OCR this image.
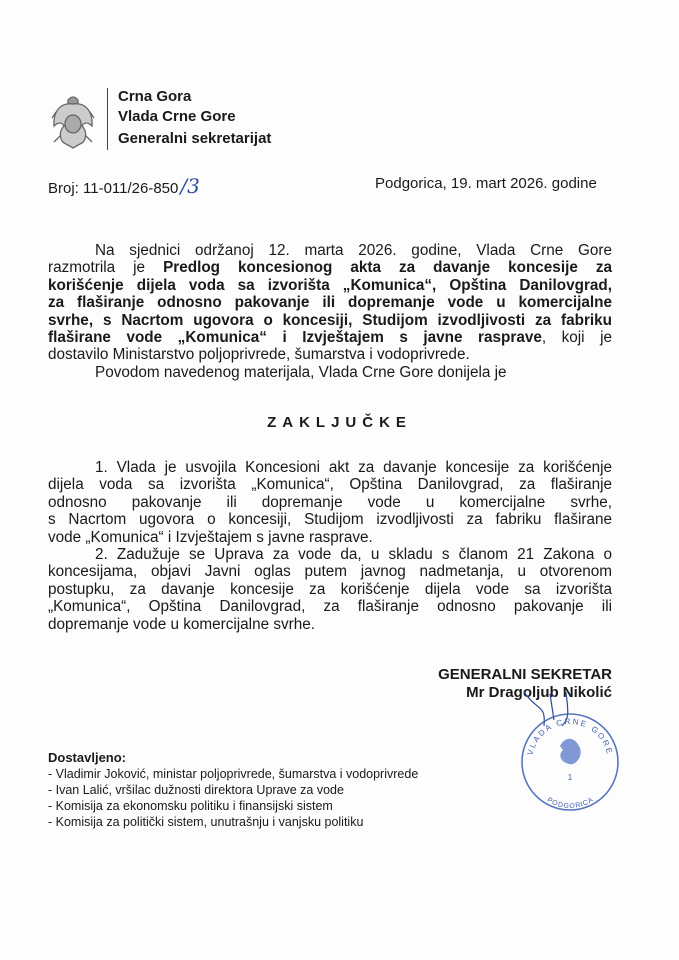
Crna Gora
Vlada Crne Gore
Generalni sekretarijat
Broj: 11-011/26-850 /3	Podgorica, 19. mart 2026. godine
Na sjednici održanoj 12. marta 2026. godine, Vlada Crne Gore
razmotrila je Predlog koncesionog akta za davanje koncesije za
korišćenje dijela voda sa izvorišta „Komunica“, Opština Danilovgrad,
za flaširanje odnosno pakovanje ili dopremanje vode u komercijalne
svrhe, s Nacrtom ugovora o koncesiji, Studijom izvodljivosti za fabriku
flaširane vode „Komunica“ i Izvještajem s javne rasprave, koji je
dostavilo Ministarstvo poljoprivrede, šumarstva i vodoprivrede.
Povodom navedenog materijala, Vlada Crne Gore donijela je
ZAKLJUČKE
1. Vlada je usvojila Koncesioni akt za davanje koncesije za korišćenje
dijela voda sa izvorišta „Komunica“, Opština Danilovgrad, za flaširanje
odnosno pakovanje ili dopremanje vode u komercijalne svrhe,
s Nacrtom ugovora o koncesiji, Studijom izvodljivosti za fabriku flaširane
vode „Komunica“ i Izvještajem s javne rasprave.
2. Zadužuje se Uprava za vode da, u skladu s članom 21 Zakona o
koncesijama, objavi Javni oglas putem javnog nadmetanja, u otvorenom
postupku, za davanje koncesije za korišćenje dijela vode sa izvorišta
„Komunica“, Opština Danilovgrad, za flaširanje odnosno pakovanje ili
dopremanje vode u komercijalne svrhe.
GENERALNI SEKRETAR
Mr Dragoljub Nikolić
VLADA CRNE GORE
PODGORICA
1
Dostavljeno:
- Vladimir Joković, ministar poljoprivrede, šumarstva i vodoprivrede
- Ivan Lalić, vršilac dužnosti direktora Uprave za vode
- Komisija za ekonomsku politiku i finansijski sistem
- Komisija za politički sistem, unutrašnju i vanjsku politiku
